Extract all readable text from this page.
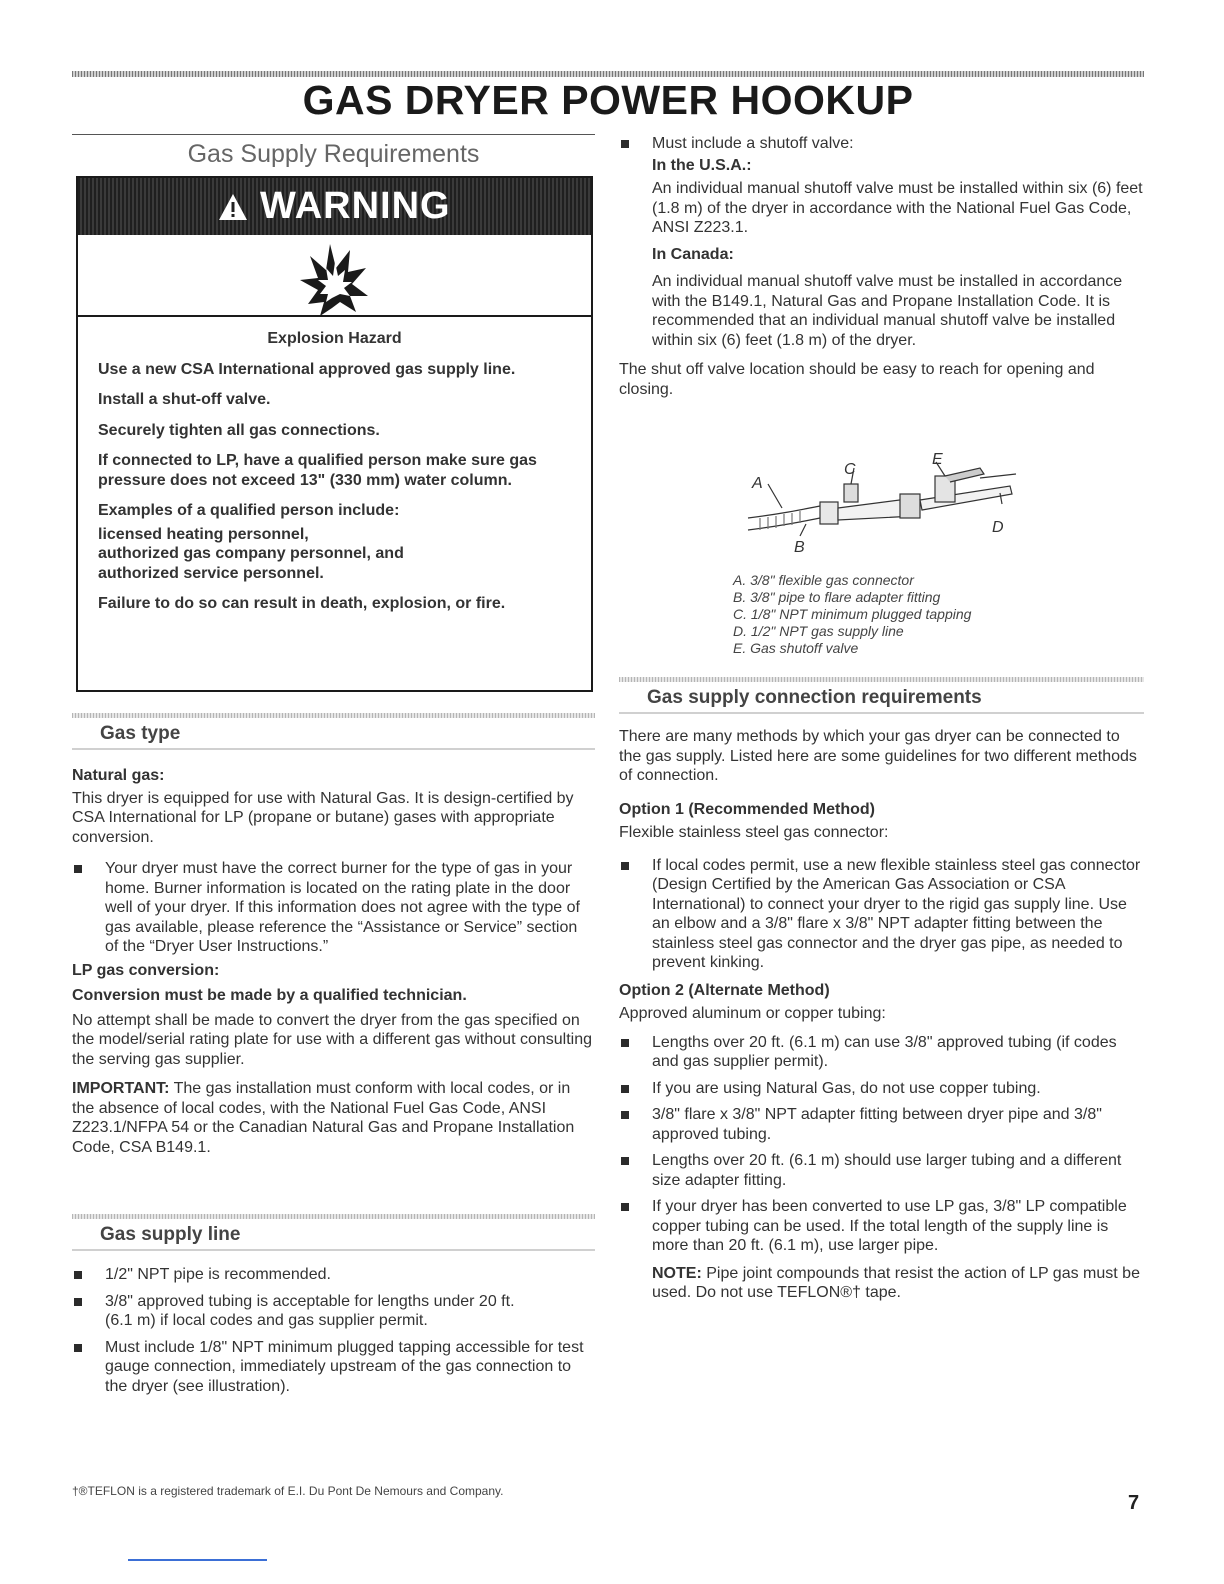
GAS DRYER POWER HOOKUP
Gas Supply Requirements
WARNING

Explosion Hazard

Use a new CSA International approved gas supply line.

Install a shut-off valve.

Securely tighten all gas connections.

If connected to LP, have a qualified person make sure gas pressure does not exceed 13" (330 mm) water column.

Examples of a qualified person include:

licensed heating personnel,
authorized gas company personnel, and
authorized service personnel.

Failure to do so can result in death, explosion, or fire.

Gas type

Natural gas:

This dryer is equipped for use with Natural Gas. It is design-certified by CSA International for LP (propane or butane) gases with appropriate conversion.

Your dryer must have the correct burner for the type of gas in your home. Burner information is located on the rating plate in the door well of your dryer. If this information does not agree with the type of gas available, please reference the “Assistance or Service” section of the “Dryer User Instructions.”

LP gas conversion:

Conversion must be made by a qualified technician.

No attempt shall be made to convert the dryer from the gas specified on the model/serial rating plate for use with a different gas without consulting the serving gas supplier.

IMPORTANT: The gas installation must conform with local codes, or in the absence of local codes, with the National Fuel Gas Code, ANSI Z223.1/NFPA 54 or the Canadian Natural Gas and Propane Installation Code, CSA B149.1.

Gas supply line
1/2" NPT pipe is recommended.
3/8" approved tubing is acceptable for lengths under 20 ft. (6.1 m) if local codes and gas supplier permit.
Must include 1/8" NPT minimum plugged tapping accessible for test gauge connection, immediately upstream of the gas connection to the dryer (see illustration).
Must include a shutoff valve:

In the U.S.A.:

An individual manual shutoff valve must be installed within six (6) feet (1.8 m) of the dryer in accordance with the National Fuel Gas Code, ANSI Z223.1.

In Canada:

An individual manual shutoff valve must be installed in accordance with the B149.1, Natural Gas and Propane Installation Code. It is recommended that an individual manual shutoff valve be installed within six (6) feet (1.8 m) of the dryer.

The shut off valve location should be easy to reach for opening and closing.

A
B
C
D
E
A. 3/8" flexible gas connector
B. 3/8" pipe to flare adapter fitting
C. 1/8" NPT minimum plugged tapping
D. 1/2" NPT gas supply line
E. Gas shutoff valve
Gas supply connection requirements

There are many methods by which your gas dryer can be connected to the gas supply. Listed here are some guidelines for two different methods of connection.

Option 1 (Recommended Method)

Flexible stainless steel gas connector:

If local codes permit, use a new flexible stainless steel gas connector (Design Certified by the American Gas Association or CSA International) to connect your dryer to the rigid gas supply line. Use an elbow and a 3/8" flare x 3/8" NPT adapter fitting between the stainless steel gas connector and the dryer gas pipe, as needed to prevent kinking.

Option 2 (Alternate Method)

Approved aluminum or copper tubing:

Lengths over 20 ft. (6.1 m) can use 3/8" approved tubing (if codes and gas supplier permit).
If you are using Natural Gas, do not use copper tubing.
3/8" flare x 3/8" NPT adapter fitting between dryer pipe and 3/8" approved tubing.
Lengths over 20 ft. (6.1 m) should use larger tubing and a different size adapter fitting.
If your dryer has been converted to use LP gas, 3/8" LP compatible copper tubing can be used. If the total length of the supply line is more than 20 ft. (6.1 m), use larger pipe.

NOTE: Pipe joint compounds that resist the action of LP gas must be used. Do not use TEFLON®† tape.

†®TEFLON is a registered trademark of E.I. Du Pont De Nemours and Company.
7
